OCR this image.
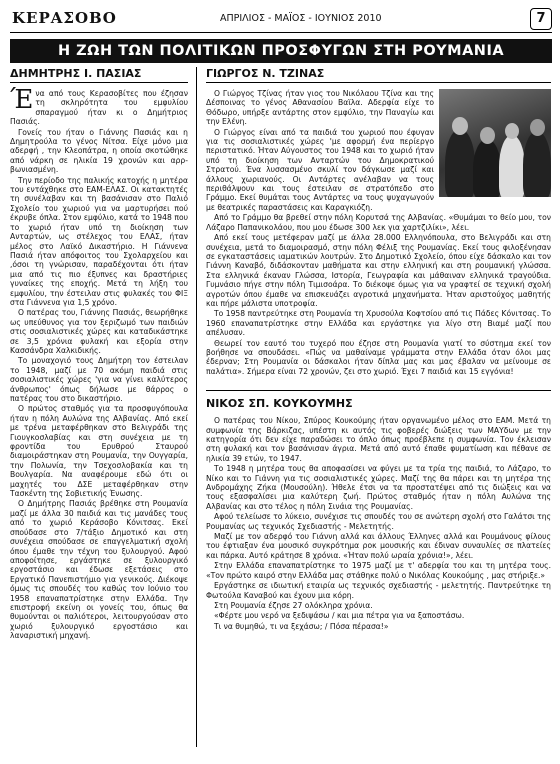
ΚΕΡΑΣΟΒΟ	ΑΠΡΙΛΙΟΣ - ΜΑΪΟΣ - ΙΟΥΝΙΟΣ 2010	7
Η ΖΩΗ ΤΩΝ ΠΟΛΙΤΙΚΩΝ ΠΡΟΣΦΥΓΩΝ ΣΤΗ ΡΟΥΜΑΝΙΑ
ΔΗΜΗΤΡΗΣ Ι. ΠΑΣΙΑΣ

Ένα από τους Κερασοβίτες που έζησαν τη σκληρότητα του εμφυλίου σπαραγμού ήταν κι ο Δημήτριος Πασιάς.

Γονείς του ήταν ο Γιάννης Πασιάς και η Δημητρούλα το γένος Νίτσα. Είχε μόνο μια αδερφή , την Κλεοπάτρα, η οποία σκοτώθηκε από νάρκη σε ηλικία 19 χρονών και αρρ- βωνιασμένη.

Την περίοδο της παλικής κατοχής η μητέρα του εντάχθηκε στο ΕΑΜ-ΕΛΑΣ. Οι κατακτητές τη συνέλαβαν και τη βασάνισαν στο Παλιό Σχολείο του χωριού για να μαρτυρήσει πού έκρυβε όπλα. Στον εμφύλιο, κατά το 1948 που το χωριό ήταν υπό τη διοίκηση των Ανταρτών, ως στέλεχος του ΕΛΑΣ, ήταν μέλος στο Λαϊκό Δικαστήριο. Η Γιάννενα Πασιά ήταν απόφοιτος του Σχολαρχείου και ,όσοι τη γνώρισαν, παραδέχονται ότι ήταν μια από τις πιο έξυπνες και δραστήριες γυναίκες της εποχής. Μετά τη λήξη του εμφυλίου, την έστειλαν στις φυλακές του ΦΙΞ στα Γιάννενα για 1,5 χρόνο.

Ο πατέρας του, Γιάννης Πασιάς, θεωρήθηκε ως υπεύθυνος για τον ξεριζωμό των παιδιών στις σοσιαλιστικές χώρες και καταδικάστηκε σε 3,5 χρόνια φυλακή και εξορία στην Κασσάνδρα Χαλκιδικής.

Το μοναχογιό τους Δημήτρη τον έστειλαν το 1948, μαζί με 70 ακόμη παιδιά στις σοσιαλιστικές χώρες 'για να γίνει καλύτερος άνθρωπος' όπως δήλωσε με θάρρος ο πατέρας του στο δικαστήριο.

Ο πρώτος σταθμός για τα προσφυγόπουλα ήταν η πόλη Αυλώνα της Αλβανίας. Από εκεί με τρένα μεταφέρθηκαν στο Βελιγράδι της Γιουγκοσλαβίας και στη συνέχεια με τη φροντίδα του Ερυθρού Σταυρού διαμοιράστηκαν στη Ρουμανία, την Ουγγαρία, την Πολωνία, την Τσεχοσλοβακία και τη Βουλγαρία. Να αναφέρουμε εδώ ότι οι μαχητές του ΔΣΕ μεταφέρθηκαν στην Τασκέντη της Σοβιετικής Ένωσης.

Ο Δημήτρης Πασιάς βρέθηκε στη Ρουμανία μαζί με άλλα 30 παιδιά και τις μανάδες τους από το χωριό Κεράσοβο Κόνιτσας. Εκεί σπούδασε στο 7/τάξιο Δημοτικό και στη συνέχεια σπούδασε σε επαγγελματική σχολή όπου έμαθε την τέχνη του ξυλουργού. Αφού αποφοίτησε, εργάστηκε σε ξυλουργικό εργοστάσιο και έδωσε εξετάσεις στο Εργατικό Πανεπιστήμιο για γενικούς. Διέκοψε όμως τις σπουδές του καθώς τον Ιούνιο του 1958 επαναπατρίστηκε στην Ελλάδα. Την επιστροφή εκείνη οι γονείς του, όπως θα θυμούνται οι παλιότεροι, λειτουργούσαν στο χωριό ξυλουργικό εργοστάσιο και λαναριστική μηχανή.

ΓΙΩΡΓΟΣ Ν. ΤΖΙΝΑΣ

Ο Γιώργος Τζίνας ήταν γιος του Νικόλαου Τζίνα και της Δέσποινας το γένος Αθανασίου Βαϊλα. Αδερφία είχε το Θόδωρο, υπήρξε αντάρτης στον εμφύλιο, την Παναγίω και την Ελένη.

Ο Γιώργος είναι από τα παιδιά του χωριού που έφυγαν για τις σοσιαλιστικές χώρες 'με αφορμή ένα περίεργο περιστατικό. Ήταν Αύγουστος του 1948 και το χωριό ήταν υπό τη διοίκηση των Ανταρτών του Δημοκρατικού Στρατού. Ένα λυσσασμένο σκυλί τον δάγκωσε μαζί και άλλους χωριανούς. Οι Αντάρτες ανέλαβαν να τους περιθάλψουν και τους έστειλαν σε στρατόπεδο στο Γράμμο. Εκεί θυμάται τους Αντάρτες να τους ψυχαγωγούν με θεατρικές παραστάσεις και Καραγκιόζη.

Από το Γράμμο θα βρεθεί στην πόλη Κορυτσά της Αλβανίας. «Θυμάμαι το θείο μου, τον Λάζαρο Παπανικολάου, που μου έδωσε 300 λεκ για χαρτζιλίκι», λέει.

Από εκεί τους μετέφεραν μαζί με άλλα 28.000 Ελληνόπουλα, στο Βελιγράδι και στη συνέχεια, μετά το διαμοιρασμό, στην πόλη Φέλιξ της Ρουμανίας. Εκεί τους φιλοξένησαν σε εγκαταστάσεις ιαματικών λουτρών. Στο Δημοτικό Σχολείο, όπου είχε δάσκαλο και τον Γιάννη Καναβό, διδάσκονταν μαθήματα και στην ελληνική και στη ρουμανική γλώσσα. Στα ελληνικά έκαναν Γλώσσα, Ιστορία, Γεωγραφία και μάθαιναν ελληνικά τραγούδια. Γυμνάσιο πήγε στην πόλη Τιμισοάρα. Το διέκοψε όμως για να γραφτεί σε τεχνική σχολή αγροτών όπου έμαθε να επισκευάζει αγροτικά μηχανήματα. Ήταν αριστούχος μαθητής και πήρε μάλιστα υποτροφία.

Το 1958 παντρεύτηκε στη Ρουμανία τη Χρυσούλα Κοφτσίου από τις Πάδες Κόνιτσας. Το 1960 επαναπατρίστηκε στην Ελλάδα και εργάστηκε για λίγο στη Βιαμέ μαζί που απέλυσαν.

Θεωρεί τον εαυτό του τυχερό που έζησε στη Ρουμανία γιατί το σύστημα εκεί τον βοήθησε να σπουδάσει. «Πώς να μαθαίναμε γράμματα στην Ελλάδα όταν όλοι μας έδερναν; Στη Ρουμανία οι δάσκαλοι ήταν δίπλα μας και μας έβαλαν να μείνουμε σε παλάτια». Σήμερα είναι 72 χρονών, ζει στο χωριό. Έχει 7 παιδιά και 15 εγγόνια!

ΝΙΚΟΣ ΣΠ. ΚΟΥΚΟΥΜΗΣ

Ο πατέρας του Νίκου, Σπύρος Κουκούμης ήταν οργανωμένο μέλος στο ΕΑΜ. Μετά τη συμφωνία της Βάρκιζας, υπέστη κι αυτός τις φοβερές διώξεις των ΜΑΥδων με την κατηγορία ότι δεν είχε παραδώσει το όπλο όπως προέβλεπε η συμφωνία. Τον έκλεισαν στη φυλακή και τον βασάνισαν άγρια. Μετά από αυτό έπαθε φυματίωση και πέθανε σε ηλικία 39 ετών, το 1947.

Το 1948 η μητέρα τους θα αποφασίσει να φύγει με τα τρία της παιδιά, το Λάζαρο, το Νίκο και το Γιάννη για τις σοσιαλιστικές χώρες. Μαζί της θα πάρει και τη μητέρα της Ανδρομάχης Ζήκα (Μουσούλη). Ήθελε έτσι να τα προστατέψει από τις διώξεις και να τους εξασφαλίσει μια καλύτερη ζωή. Πρώτος σταθμός ήταν η πόλη Αυλώνα της Αλβανίας και στο τέλος η πόλη Σινάια της Ρουμανίας.

Αφού τελείωσε το λύκειο, συνέχισε τις σπουδές του σε ανώτερη σχολή στο Γαλάτσι της Ρουμανίας ως τεχνικός Σχεδιαστής - Μελετητής.

Μαζί με τον αδερφό του Γιάννη αλλά και άλλους Έλληνες αλλά και Ρουμάνους φίλους του έφτιαξαν ένα μουσικό συγκρότημα ροκ μουσικής και έδιναν συναυλίες σε πλατείες και πάρκα. Αυτό κράτησε 8 χρόνια. «Ήταν πολύ ωραία χρόνια!», λέει.

Στην Ελλάδα επαναπατρίστηκε το 1975 μαζί με τ' αδερφία του και τη μητέρα τους. «Τον πρώτο καιρό στην Ελλάδα μας στάθηκε πολύ ο Νικόλας Κουκούμης , μας στήριξε.»

Εργάστηκε σε ιδιωτική εταιρία ως τεχνικός σχεδιαστής - μελετητής. Παντρεύτηκε τη Φωτούλα Καναβού και έχουν μια κόρη.

Στη Ρουμανία έζησε 27 ολόκληρα χρόνια.

«Φέρτε μου νερό να ξεδιψάσω / και μια πέτρα για να ξαποστάσω.

Τι να θυμηθώ, τι να ξεχάσω; / Πόσα πέρασα!»
